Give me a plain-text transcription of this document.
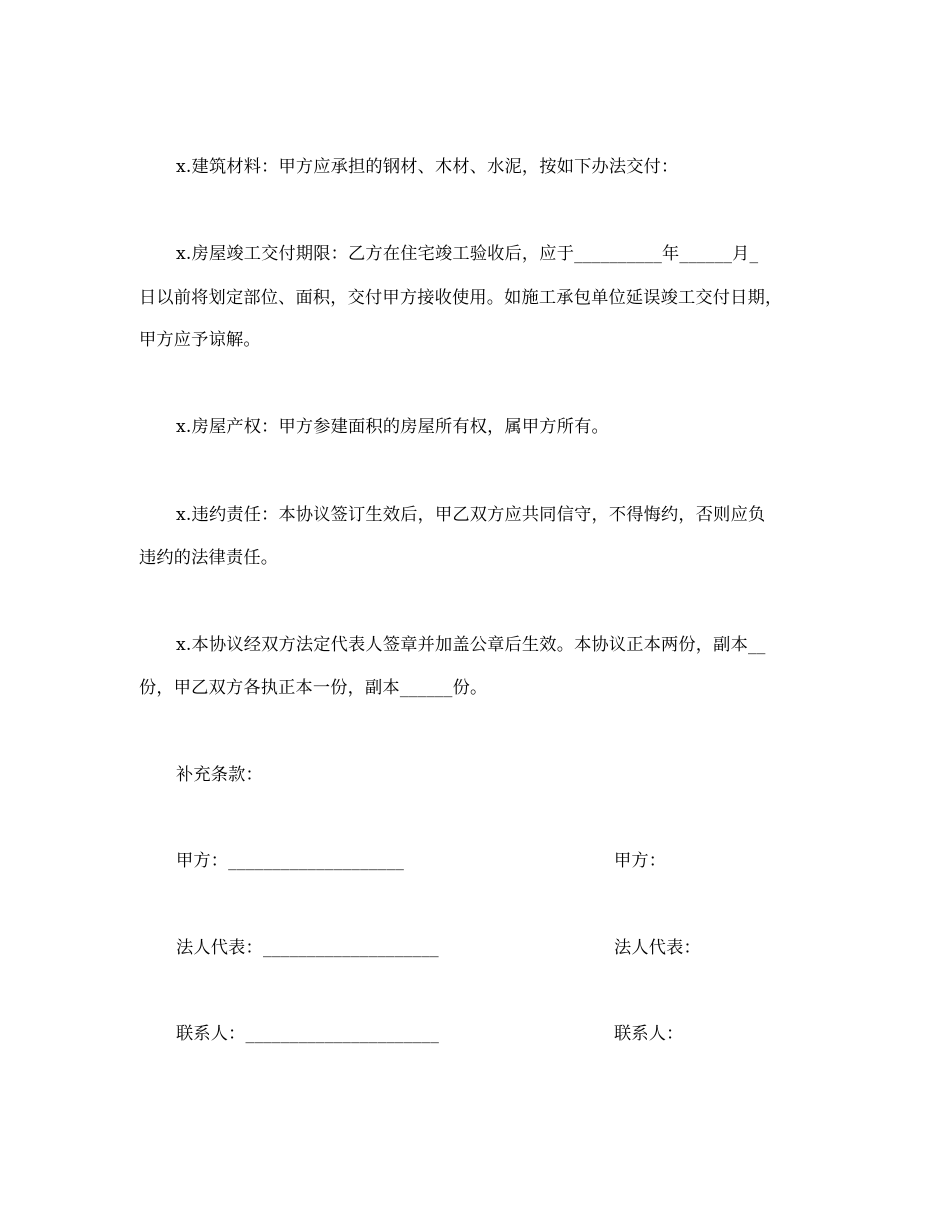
x.建筑材料：甲方应承担的钢材、木材、水泥，按如下办法交付：
x.房屋竣工交付期限：乙方在住宅竣工验收后，应于__________年______月_
日以前将划定部位、面积，交付甲方接收使用。如施工承包单位延误竣工交付日期，
甲方应予谅解。
x.房屋产权：甲方参建面积的房屋所有权，属甲方所有。
x.违约责任：本协议签订生效后，甲乙双方应共同信守，不得悔约，否则应负
违约的法律责任。
x.本协议经双方法定代表人签章并加盖公章后生效。本协议正本两份，副本__
份，甲乙双方各执正本一份，副本______份。
补充条款：
甲方：____________________	甲方：
法人代表：____________________	法人代表：
联系人：______________________	联系人：
